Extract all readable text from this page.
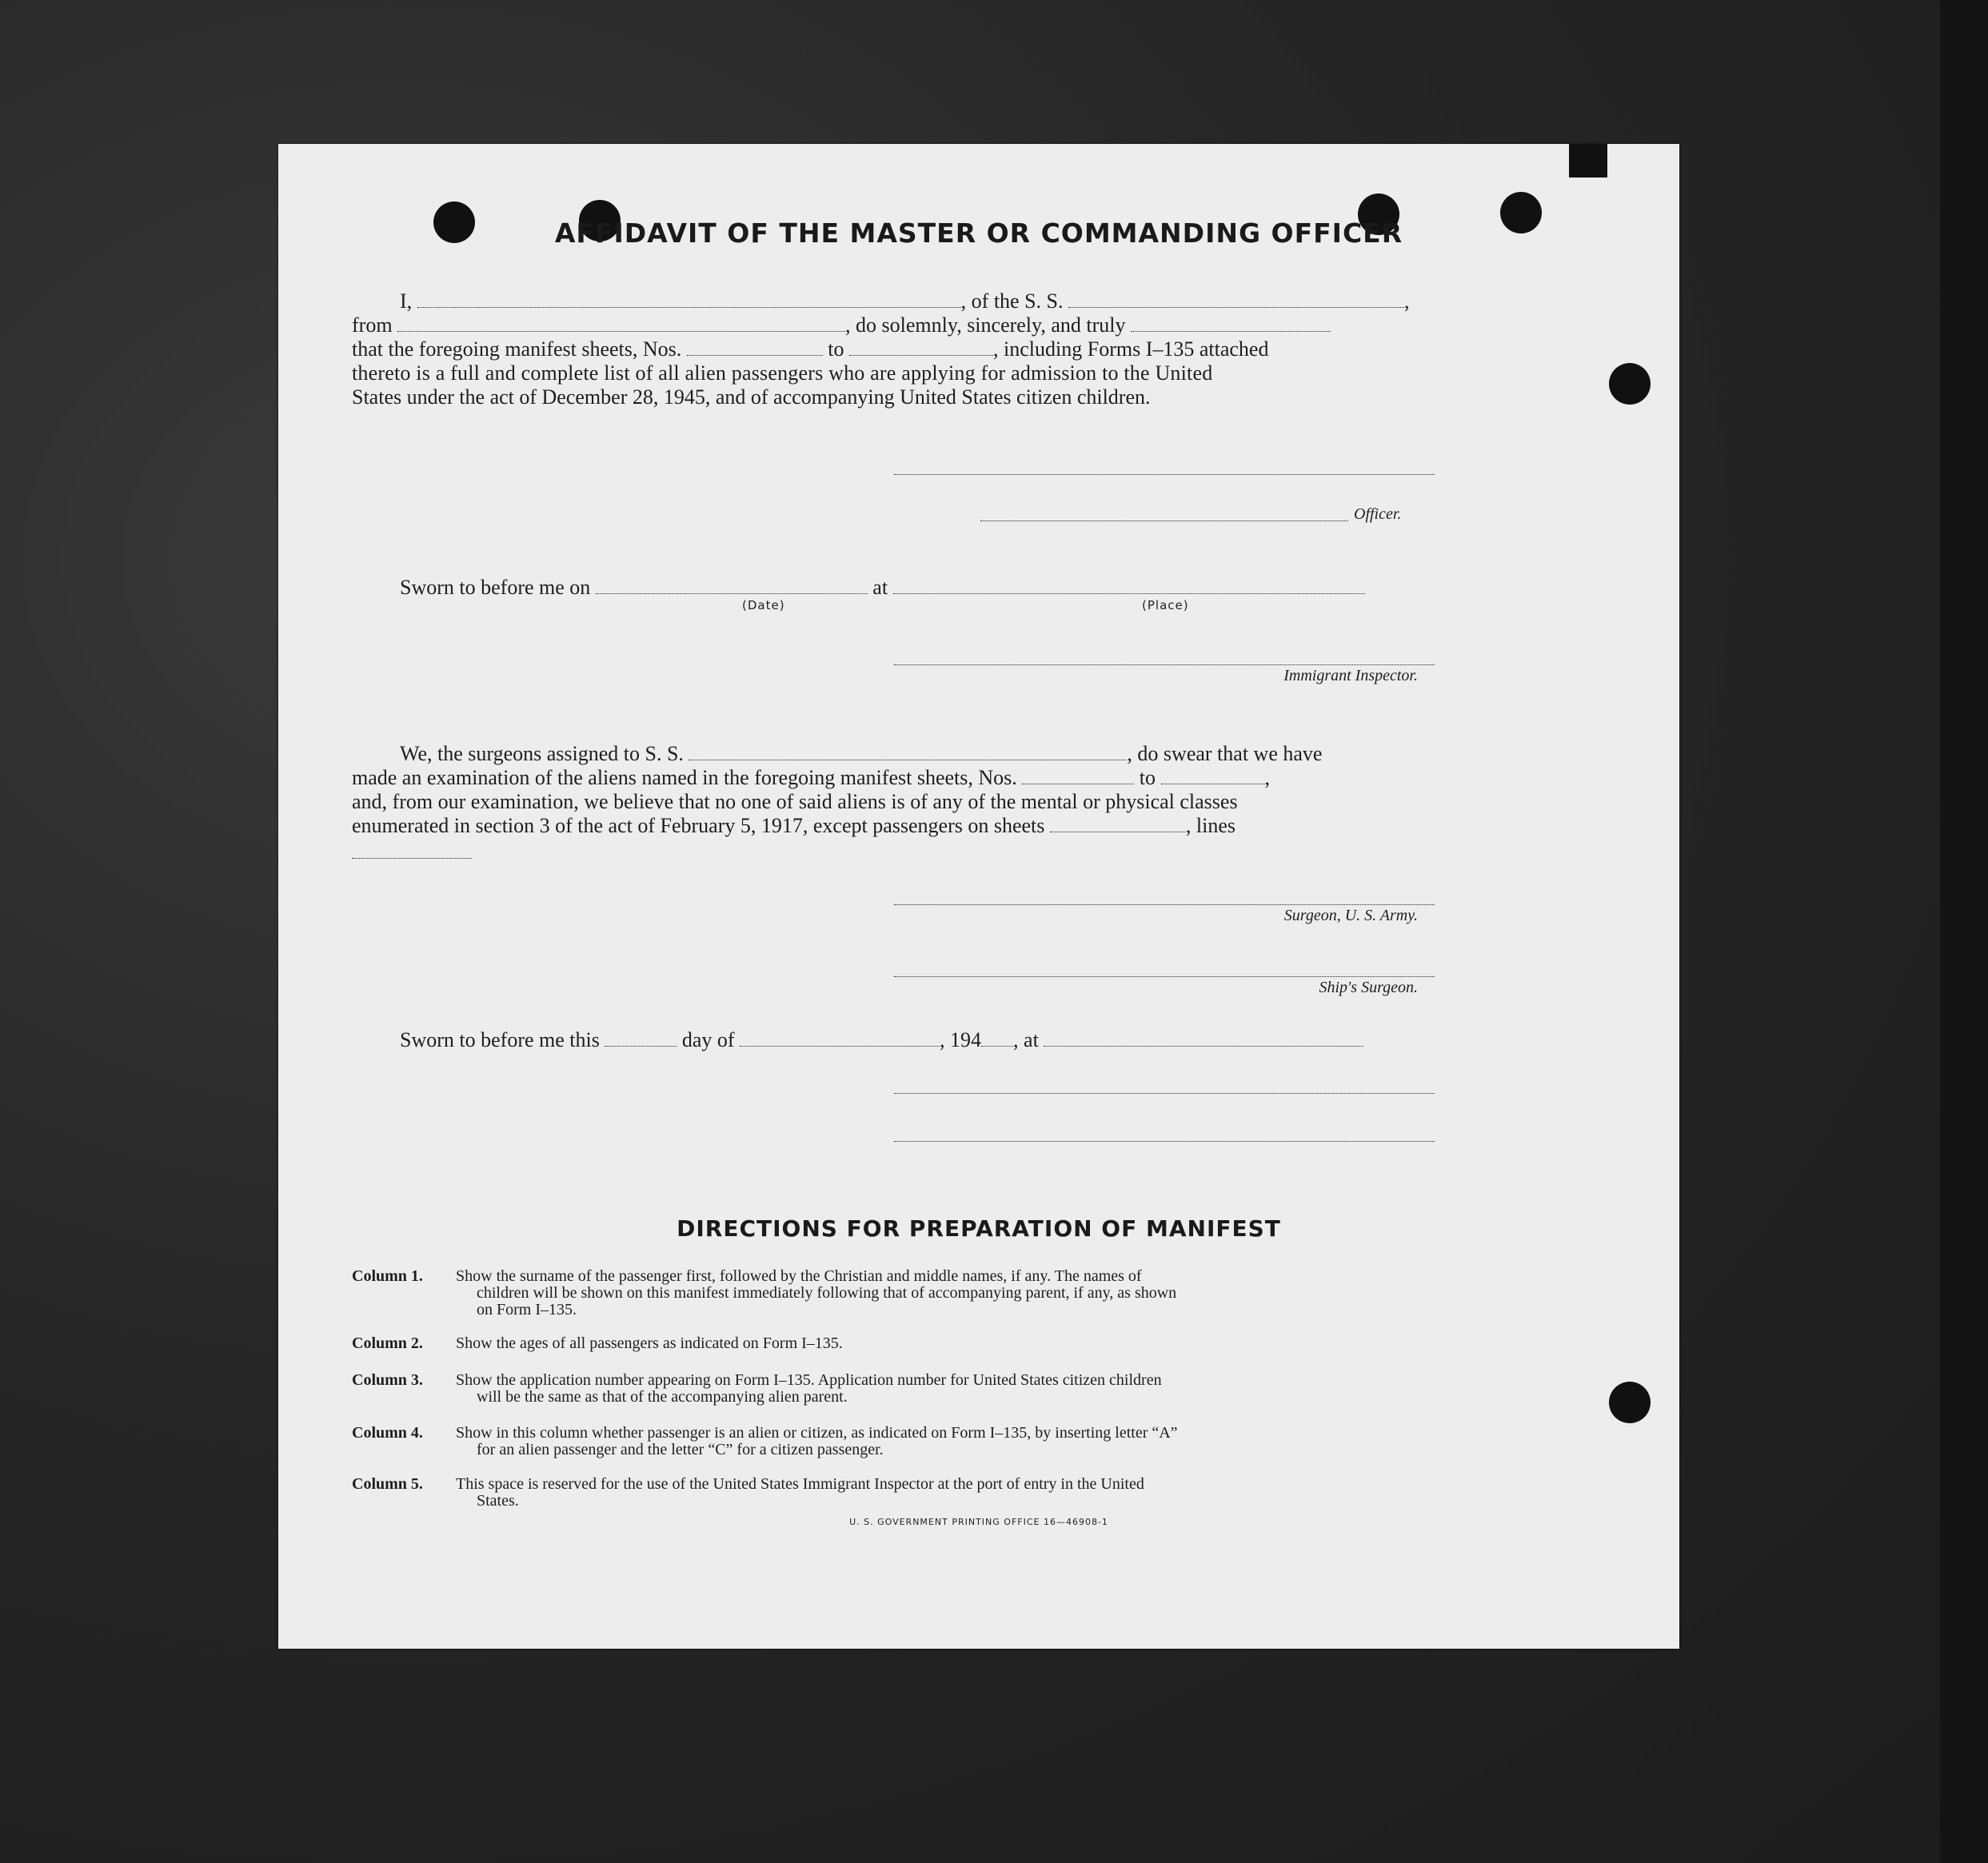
AFFIDAVIT OF THE MASTER OR COMMANDING OFFICER
I,	, of the S. S.	,
from	, do solemnly, sincerely, and truly
that the foregoing manifest sheets, Nos.	to	, including Forms I–135 attached
thereto is a full and complete list of all alien passengers who are applying for admission to the United
States under the act of December 28, 1945, and of accompanying United States citizen children.
Officer.
Sworn to before me on	at
(Date)	(Place)
Immigrant Inspector.
We, the surgeons assigned to S. S.	, do swear that we have
made an examination of the aliens named in the foregoing manifest sheets, Nos.	to	,
and, from our examination, we believe that no one of said aliens is of any of the mental or physical classes
enumerated in section 3 of the act of February 5, 1917, except passengers on sheets	, lines
Surgeon, U. S. Army.
Ship's Surgeon.
Sworn to before me this	day of	, 194 , at
DIRECTIONS FOR PREPARATION OF MANIFEST
Column 1.	Show the surname of the passenger first, followed by the Christian and middle names, if any. The names of
children will be shown on this manifest immediately following that of accompanying parent, if any, as shown
on Form I–135.
Column 2.	Show the ages of all passengers as indicated on Form I–135.
Column 3.	Show the application number appearing on Form I–135. Application number for United States citizen children
will be the same as that of the accompanying alien parent.
Column 4.	Show in this column whether passenger is an alien or citizen, as indicated on Form I–135, by inserting letter “A”
for an alien passenger and the letter “C” for a citizen passenger.
Column 5.	This space is reserved for the use of the United States Immigrant Inspector at the port of entry in the United
States.
U. S. GOVERNMENT PRINTING OFFICE 16—46908-1
